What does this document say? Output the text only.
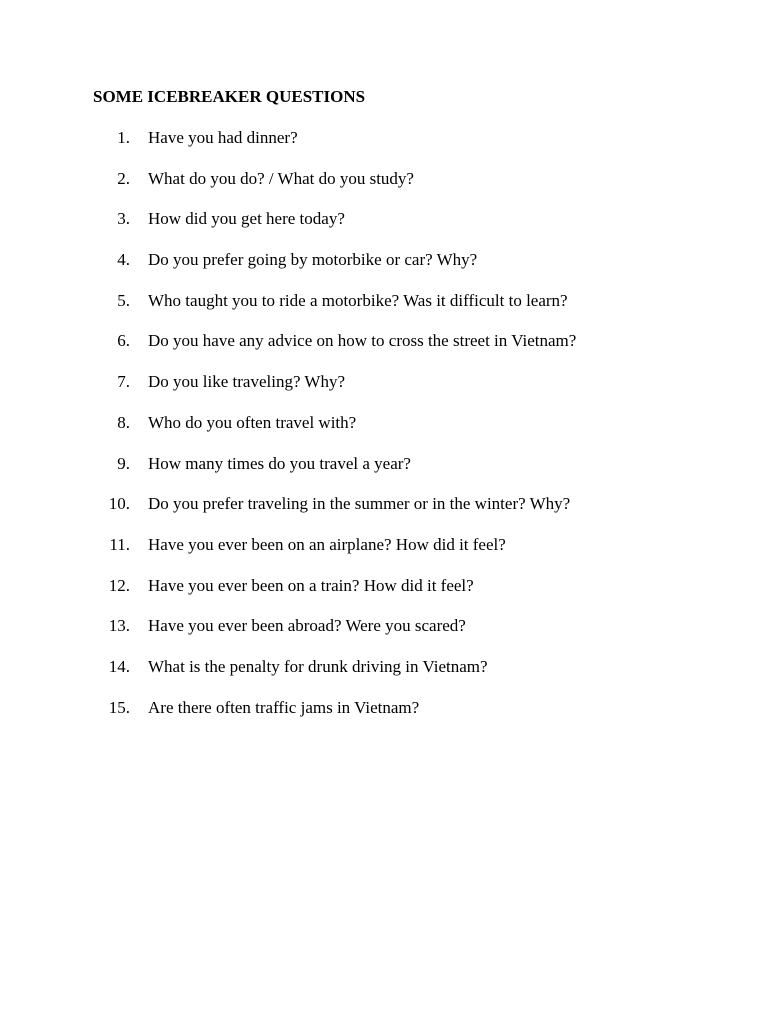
SOME ICEBREAKER QUESTIONS
1. Have you had dinner?
2. What do you do? / What do you study?
3. How did you get here today?
4. Do you prefer going by motorbike or car? Why?
5. Who taught you to ride a motorbike? Was it difficult to learn?
6. Do you have any advice on how to cross the street in Vietnam?
7. Do you like traveling? Why?
8. Who do you often travel with?
9. How many times do you travel a year?
10. Do you prefer traveling in the summer or in the winter? Why?
11. Have you ever been on an airplane? How did it feel?
12. Have you ever been on a train? How did it feel?
13. Have you ever been abroad? Were you scared?
14. What is the penalty for drunk driving in Vietnam?
15. Are there often traffic jams in Vietnam?
